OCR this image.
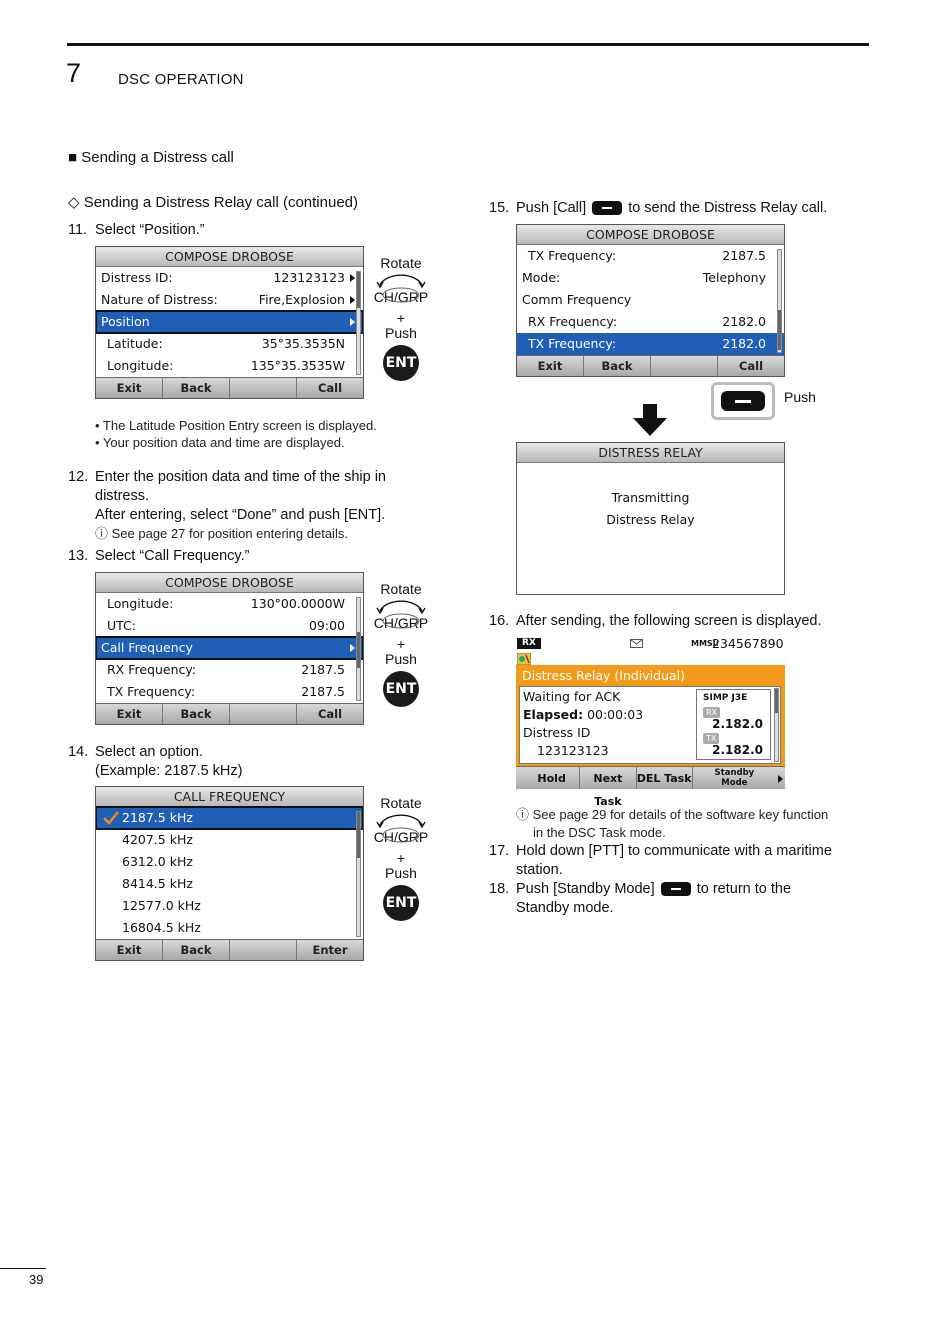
7 DSC OPERATION
39
■ Sending a Distress call
◇ Sending a Distress Relay call (continued)
11. Select “Position.”
COMPOSE DROBOSE
Distress ID:	123123123
Nature of Distress:	Fire,Explosion
Position
Latitude:	35°35.3535N
Longitude:	135°35.3535W
Exit	Back	Call
Rotate
CH/GRP
+
Push
ENT
• The Latitude Position Entry screen is displayed.
• Your position data and time are displayed.
12. Enter the position data and time of the ship in
distress.
After entering, select “Done” and push [ENT].
ⓘ See page 27 for position entering details.
13. Select “Call Frequency.”
COMPOSE DROBOSE
Longitude:	130°00.0000W
UTC:	09:00
Call Frequency
RX Frequency:	2187.5
TX Frequency:	2187.5
Exit	Back	Call
Rotate
CH/GRP
+
Push
ENT
14. Select an option.
(Example: 2187.5 kHz)
CALL FREQUENCY
2187.5 kHz
4207.5 kHz
6312.0 kHz
8414.5 kHz
12577.0 kHz
16804.5 kHz
Exit	Back	Enter
Rotate
CH/GRP
+
Push
ENT
15. Push [Call]	to send the Distress Relay call.
COMPOSE DROBOSE
TX Frequency:	2187.5
Mode:	Telephony
Comm Frequency
RX Frequency:	2182.0
TX Frequency:	2182.0
Exit	Back	Call
Push
DISTRESS RELAY
Transmitting
Distress Relay
16. After sending, the following screen is displayed.
RX	MMSI:
234567890
Distress Relay (Individual)
Waiting for ACK
Elapsed: 00:00:03
Distress ID
123123123
SIMP J3E
RX
2.182.0
TX
2.182.0
Hold	Next Task
DEL Task	Standby Mode
ⓘ See page 29 for details of the software key function
in the DSC Task mode.
17. Hold down [PTT] to communicate with a maritime
station.
18. Push [Standby Mode]	to return to the
Standby mode.
